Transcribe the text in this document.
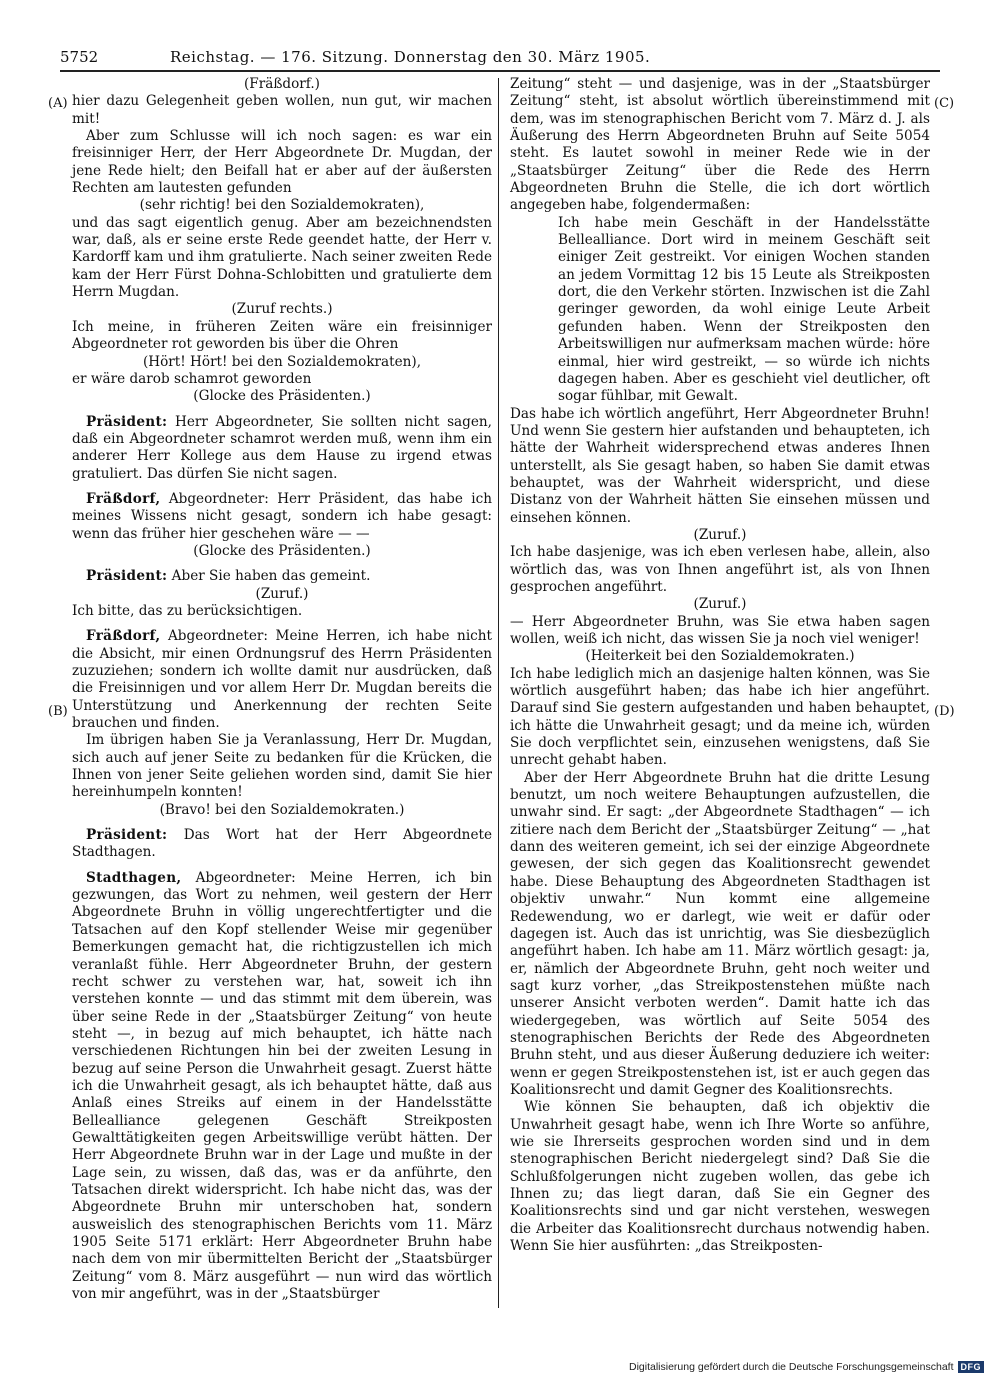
5752	Reichstag. — 176. Sitzung. Donnerstag den 30. März 1905.
(A)
(B)
(C)
(D)

(Fräßdorf.)

hier dazu Gelegenheit geben wollen, nun gut, wir machen mit!

Aber zum Schlusse will ich noch sagen: es war ein freisinniger Herr, der Herr Abgeordnete Dr. Mugdan, der jene Rede hielt; den Beifall hat er aber auf der äußersten Rechten am lautesten gefunden

(sehr richtig! bei den Sozialdemokraten),

und das sagt eigentlich genug. Aber am bezeichnendsten war, daß, als er seine erste Rede geendet hatte, der Herr v. Kardorff kam und ihm gratulierte. Nach seiner zweiten Rede kam der Herr Fürst Dohna-Schlobitten und gratulierte dem Herrn Mugdan.

(Zuruf rechts.)

Ich meine, in früheren Zeiten wäre ein freisinniger Abgeordneter rot geworden bis über die Ohren

(Hört! Hört! bei den Sozialdemokraten),

er wäre darob schamrot geworden

(Glocke des Präsidenten.)

Präsident: Herr Abgeordneter, Sie sollten nicht sagen, daß ein Abgeordneter schamrot werden muß, wenn ihm ein anderer Herr Kollege aus dem Hause zu irgend etwas gratuliert. Das dürfen Sie nicht sagen.

Fräßdorf, Abgeordneter: Herr Präsident, das habe ich meines Wissens nicht gesagt, sondern ich habe gesagt: wenn das früher hier geschehen wäre — —

(Glocke des Präsidenten.)

Präsident: Aber Sie haben das gemeint.

(Zuruf.)

Ich bitte, das zu berücksichtigen.

Fräßdorf, Abgeordneter: Meine Herren, ich habe nicht die Absicht, mir einen Ordnungsruf des Herrn Präsidenten zuzuziehen; sondern ich wollte damit nur ausdrücken, daß die Freisinnigen und vor allem Herr Dr. Mugdan bereits die Unterstützung und Anerkennung der rechten Seite brauchen und finden.

Im übrigen haben Sie ja Veranlassung, Herr Dr. Mugdan, sich auch auf jener Seite zu bedanken für die Krücken, die Ihnen von jener Seite geliehen worden sind, damit Sie hier hereinhumpeln konnten!

(Bravo! bei den Sozialdemokraten.)

Präsident: Das Wort hat der Herr Abgeordnete Stadthagen.

Stadthagen, Abgeordneter: Meine Herren, ich bin gezwungen, das Wort zu nehmen, weil gestern der Herr Abgeordnete Bruhn in völlig ungerechtfertigter und die Tatsachen auf den Kopf stellender Weise mir gegenüber Bemerkungen gemacht hat, die richtigzustellen ich mich veranlaßt fühle. Herr Abgeordneter Bruhn, der gestern recht schwer zu verstehen war, hat, soweit ich ihn verstehen konnte — und das stimmt mit dem überein, was über seine Rede in der „Staatsbürger Zeitung“ von heute steht —, in bezug auf mich behauptet, ich hätte nach verschiedenen Richtungen hin bei der zweiten Lesung in bezug auf seine Person die Unwahrheit gesagt. Zuerst hätte ich die Unwahrheit gesagt, als ich behauptet hätte, daß aus Anlaß eines Streiks auf einem in der Handelsstätte Bellealliance gelegenen Geschäft Streikposten Gewalttätigkeiten gegen Arbeitswillige verübt hätten. Der Herr Abgeordnete Bruhn war in der Lage und mußte in der Lage sein, zu wissen, daß das, was er da anführte, den Tatsachen direkt widerspricht. Ich habe nicht das, was der Abgeordnete Bruhn mir unterschoben hat, sondern ausweislich des stenographischen Berichts vom 11. März 1905 Seite 5171 erklärt: Herr Abgeordneter Bruhn habe nach dem von mir übermittelten Bericht der „Staatsbürger Zeitung“ vom 8. März ausgeführt — nun wird das wörtlich von mir angeführt, was in der „Staatsbürger

Zeitung“ steht — und dasjenige, was in der „Staatsbürger Zeitung“ steht, ist absolut wörtlich übereinstimmend mit dem, was im stenographischen Bericht vom 7. März d. J. als Äußerung des Herrn Abgeordneten Bruhn auf Seite 5054 steht. Es lautet sowohl in meiner Rede wie in der „Staatsbürger Zeitung“ über die Rede des Herrn Abgeordneten Bruhn die Stelle, die ich dort wörtlich angegeben habe, folgendermaßen:

Ich habe mein Geschäft in der Handelsstätte Bellealliance. Dort wird in meinem Geschäft seit einiger Zeit gestreikt. Vor einigen Wochen standen an jedem Vormittag 12 bis 15 Leute als Streikposten dort, die den Verkehr störten. Inzwischen ist die Zahl geringer geworden, da wohl einige Leute Arbeit gefunden haben. Wenn der Streikposten den Arbeitswilligen nur aufmerksam machen würde: höre einmal, hier wird gestreikt, — so würde ich nichts dagegen haben. Aber es geschieht viel deutlicher, oft sogar fühlbar, mit Gewalt.

Das habe ich wörtlich angeführt, Herr Abgeordneter Bruhn! Und wenn Sie gestern hier aufstanden und behaupteten, ich hätte der Wahrheit widersprechend etwas anderes Ihnen unterstellt, als Sie gesagt haben, so haben Sie damit etwas behauptet, was der Wahrheit widerspricht, und diese Distanz von der Wahrheit hätten Sie einsehen müssen und einsehen können.

(Zuruf.)

Ich habe dasjenige, was ich eben verlesen habe, allein, also wörtlich das, was von Ihnen angeführt ist, als von Ihnen gesprochen angeführt.

(Zuruf.)

— Herr Abgeordneter Bruhn, was Sie etwa haben sagen wollen, weiß ich nicht, das wissen Sie ja noch viel weniger!

(Heiterkeit bei den Sozialdemokraten.)

Ich habe lediglich mich an dasjenige halten können, was Sie wörtlich ausgeführt haben; das habe ich hier angeführt. Darauf sind Sie gestern aufgestanden und haben behauptet, ich hätte die Unwahrheit gesagt; und da meine ich, würden Sie doch verpflichtet sein, einzusehen wenigstens, daß Sie unrecht gehabt haben.

Aber der Herr Abgeordnete Bruhn hat die dritte Lesung benutzt, um noch weitere Behauptungen aufzustellen, die unwahr sind. Er sagt: „der Abgeordnete Stadthagen“ — ich zitiere nach dem Bericht der „Staatsbürger Zeitung“ — „hat dann des weiteren gemeint, ich sei der einzige Abgeordnete gewesen, der sich gegen das Koalitionsrecht gewendet habe. Diese Behauptung des Abgeordneten Stadthagen ist objektiv unwahr.“ Nun kommt eine allgemeine Redewendung, wo er darlegt, wie weit er dafür oder dagegen ist. Auch das ist unrichtig, was Sie diesbezüglich angeführt haben. Ich habe am 11. März wörtlich gesagt: ja, er, nämlich der Abgeordnete Bruhn, geht noch weiter und sagt kurz vorher, „das Streikpostenstehen müßte nach unserer Ansicht verboten werden“. Damit hatte ich das wiedergegeben, was wörtlich auf Seite 5054 des stenographischen Berichts der Rede des Abgeordneten Bruhn steht, und aus dieser Äußerung deduziere ich weiter: wenn er gegen Streikpostenstehen ist, ist er auch gegen das Koalitionsrecht und damit Gegner des Koalitionsrechts.

Wie können Sie behaupten, daß ich objektiv die Unwahrheit gesagt habe, wenn ich Ihre Worte so anführe, wie sie Ihrerseits gesprochen worden sind und in dem stenographischen Bericht niedergelegt sind? Daß Sie die Schlußfolgerungen nicht zugeben wollen, das gebe ich Ihnen zu; das liegt daran, daß Sie ein Gegner des Koalitionsrechts sind und gar nicht verstehen, weswegen die Arbeiter das Koalitionsrecht durchaus notwendig haben. Wenn Sie hier ausführten: „das Streikposten-

Digitalisierung gefördert durch die Deutsche Forschungsgemeinschaft DFG
